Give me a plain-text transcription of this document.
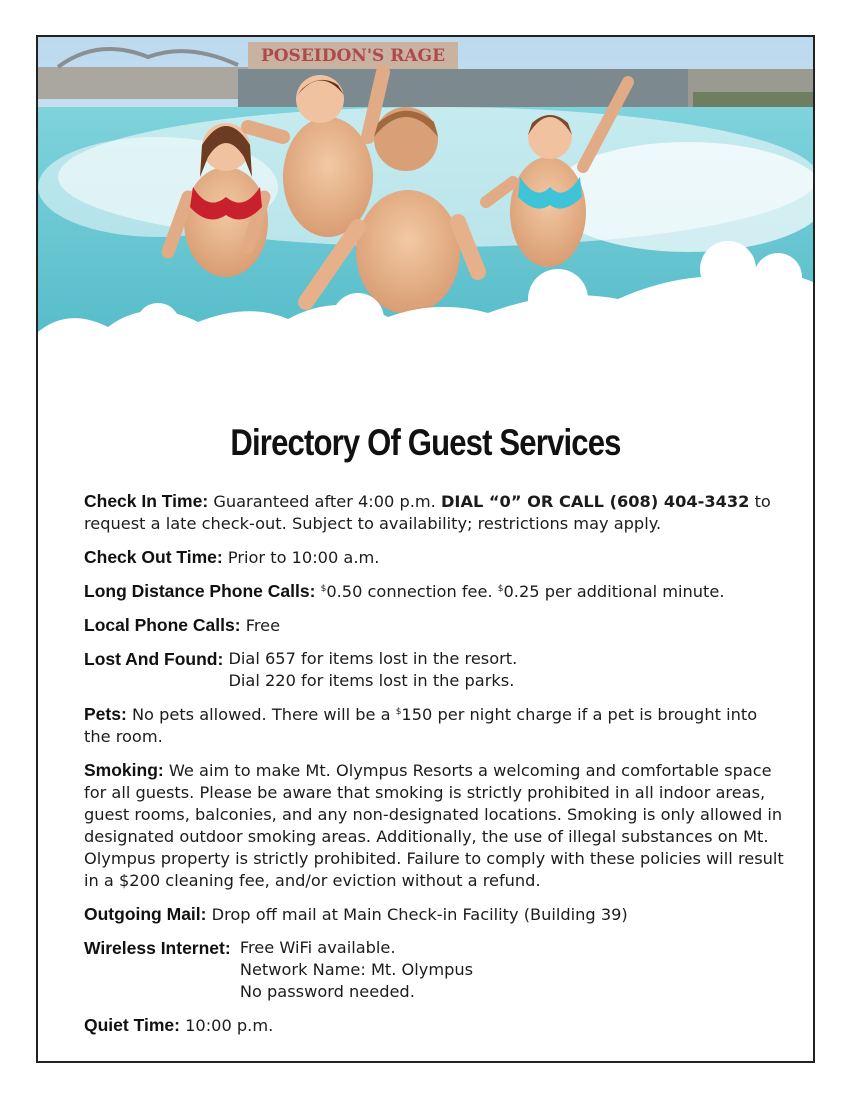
POSEIDON'S RAGE
Directory Of Guest Services
Check In Time: Guaranteed after 4:00 p.m. DIAL “0” OR CALL (608) 404-3432 to request a late check-out. Subject to availability; restrictions may apply.
Check Out Time: Prior to 10:00 a.m.
Long Distance Phone Calls: $0.50 connection fee. $0.25 per additional minute.
Local Phone Calls: Free
Lost And Found: Dial 657 for items lost in the resort.
Dial 220 for items lost in the parks.
Pets: No pets allowed. There will be a $150 per night charge if a pet is brought into the room.
Smoking: We aim to make Mt. Olympus Resorts a welcoming and comfortable space for all guests. Please be aware that smoking is strictly prohibited in all indoor areas, guest rooms, balconies, and any non-designated locations. Smoking is only allowed in designated outdoor smoking areas. Additionally, the use of illegal substances on Mt. Olympus property is strictly prohibited. Failure to comply with these policies will result in a $200 cleaning fee, and/or eviction without a refund.
Outgoing Mail: Drop off mail at Main Check-in Facility (Building 39)
Wireless Internet: Free WiFi available.
Network Name: Mt. Olympus
No password needed.
Quiet Time: 10:00 p.m.
